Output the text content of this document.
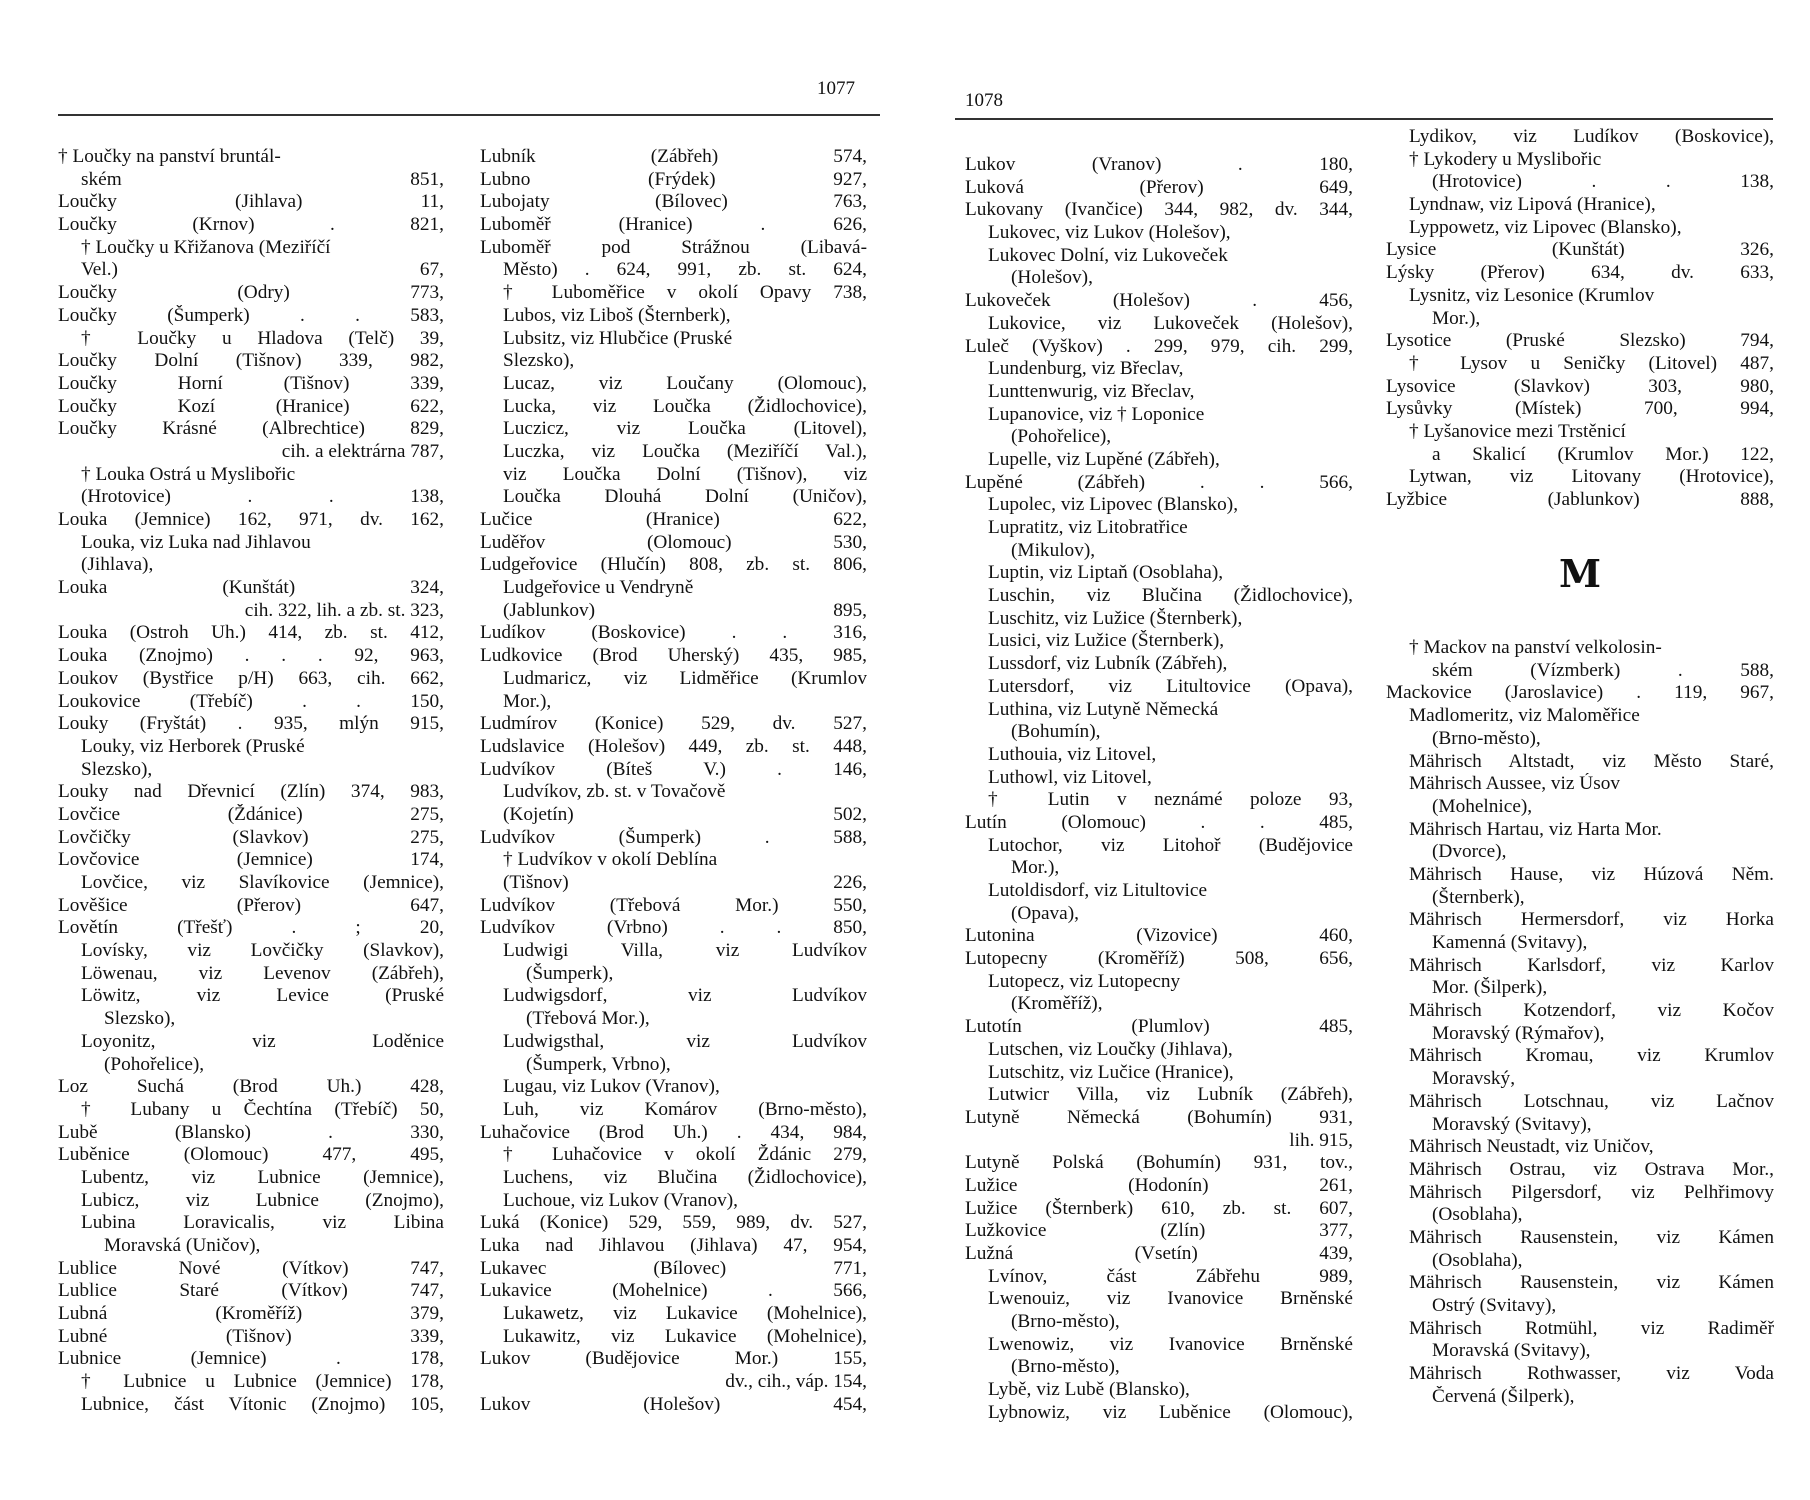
1077
1078
† Loučky na panství bruntál-
ském 851,
Loučky (Jihlava) 11,
Loučky (Krnov) . 821,
† Loučky u Křižanova (Meziříčí
Vel.) 67,
Loučky (Odry) 773,
Loučky (Šumperk) . . 583,
† Loučky u Hladova (Telč) 39,
Loučky Dolní (Tišnov) 339, 982,
Loučky Horní (Tišnov) 339,
Loučky Kozí (Hranice) 622,
Loučky Krásné (Albrechtice) 829,
cih. a elektrárna 787,
† Louka Ostrá u Myslibořic
(Hrotovice) . . 138,
Louka (Jemnice) 162, 971, dv. 162,
Louka, viz Luka nad Jihlavou
(Jihlava),
Louka (Kunštát) 324,
cih. 322, lih. a zb. st. 323,
Louka (Ostroh Uh.) 414, zb. st. 412,
Louka (Znojmo) . . . 92, 963,
Loukov (Bystřice p/H) 663, cih. 662,
Loukovice (Třebíč) . . 150,
Louky (Fryštát) . 935, mlýn 915,
Louky, viz Herborek (Pruské
Slezsko),
Louky nad Dřevnicí (Zlín) 374, 983,
Lovčice (Ždánice) 275,
Lovčičky (Slavkov) 275,
Lovčovice (Jemnice) 174,
Lovčice, viz Slavíkovice (Jemnice),
Lověšice (Přerov) 647,
Lovětín (Třešť) . ; 20,
Lovísky, viz Lovčičky (Slavkov),
Löwenau, viz Levenov (Zábřeh),
Löwitz, viz Levice (Pruské
Slezsko),
Loyonitz, viz Loděnice
(Pohořelice),
Loz Suchá (Brod Uh.) 428,
† Lubany u Čechtína (Třebíč) 50,
Lubě (Blansko) . 330,
Luběnice (Olomouc) 477, 495,
Lubentz, viz Lubnice (Jemnice),
Lubicz, viz Lubnice (Znojmo),
Lubina Loravicalis, viz Libina
Moravská (Uničov),
Lublice Nové (Vítkov) 747,
Lublice Staré (Vítkov) 747,
Lubná (Kroměříž) 379,
Lubné (Tišnov) 339,
Lubnice (Jemnice) . 178,
† Lubnice u Lubnice (Jemnice) 178,
Lubnice, část Vítonic (Znojmo) 105,
Lubník (Zábřeh) 574,
Lubno (Frýdek) 927,
Lubojaty (Bílovec) 763,
Luboměř (Hranice) . 626,
Luboměř pod Strážnou (Libavá-
Město) . 624, 991, zb. st. 624,
† Luboměřice v okolí Opavy 738,
Lubos, viz Liboš (Šternberk),
Lubsitz, viz Hlubčice (Pruské
Slezsko),
Lucaz, viz Loučany (Olomouc),
Lucka, viz Loučka (Židlochovice),
Luczicz, viz Loučka (Litovel),
Luczka, viz Loučka (Meziříčí Val.),
viz Loučka Dolní (Tišnov), viz
Loučka Dlouhá Dolní (Uničov),
Lučice (Hranice) 622,
Luděřov (Olomouc) 530,
Ludgeřovice (Hlučín) 808, zb. st. 806,
Ludgeřovice u Vendryně
(Jablunkov) 895,
Ludíkov (Boskovice) . . 316,
Ludkovice (Brod Uherský) 435, 985,
Ludmaricz, viz Lidměřice (Krumlov
Mor.),
Ludmírov (Konice) 529, dv. 527,
Ludslavice (Holešov) 449, zb. st. 448,
Ludvíkov (Bíteš V.) . 146,
Ludvíkov, zb. st. v Tovačově
(Kojetín) 502,
Ludvíkov (Šumperk) . 588,
† Ludvíkov v okolí Deblína
(Tišnov) 226,
Ludvíkov (Třebová Mor.) 550,
Ludvíkov (Vrbno) . . 850,
Ludwigi Villa, viz Ludvíkov
(Šumperk),
Ludwigsdorf, viz Ludvíkov
(Třebová Mor.),
Ludwigsthal, viz Ludvíkov
(Šumperk, Vrbno),
Lugau, viz Lukov (Vranov),
Luh, viz Komárov (Brno-město),
Luhačovice (Brod Uh.) . 434, 984,
† Luhačovice v okolí Ždánic 279,
Luchens, viz Blučina (Židlochovice),
Luchoue, viz Lukov (Vranov),
Luká (Konice) 529, 559, 989, dv. 527,
Luka nad Jihlavou (Jihlava) 47, 954,
Lukavec (Bílovec) 771,
Lukavice (Mohelnice) . 566,
Lukawetz, viz Lukavice (Mohelnice),
Lukawitz, viz Lukavice (Mohelnice),
Lukov (Budějovice Mor.) 155,
dv., cih., váp. 154,
Lukov (Holešov) 454,
Lukov (Vranov) . 180,
Luková (Přerov) 649,
Lukovany (Ivančice) 344, 982, dv. 344,
Lukovec, viz Lukov (Holešov),
Lukovec Dolní, viz Lukoveček
(Holešov),
Lukoveček (Holešov) . 456,
Lukovice, viz Lukoveček (Holešov),
Luleč (Vyškov) . 299, 979, cih. 299,
Lundenburg, viz Břeclav,
Lunttenwurig, viz Břeclav,
Lupanovice, viz † Loponice
(Pohořelice),
Lupelle, viz Lupěné (Zábřeh),
Lupěné (Zábřeh) . . 566,
Lupolec, viz Lipovec (Blansko),
Lupratitz, viz Litobratřice
(Mikulov),
Luptin, viz Liptaň (Osoblaha),
Luschin, viz Blučina (Židlochovice),
Luschitz, viz Lužice (Šternberk),
Lusici, viz Lužice (Šternberk),
Lussdorf, viz Lubník (Zábřeh),
Lutersdorf, viz Litultovice (Opava),
Luthina, viz Lutyně Německá
(Bohumín),
Luthouia, viz Litovel,
Luthowl, viz Litovel,
† Lutin v neznámé poloze 93,
Lutín (Olomouc) . . 485,
Lutochor, viz Litohoř (Budějovice
Mor.),
Lutoldisdorf, viz Litultovice
(Opava),
Lutonina (Vizovice) 460,
Lutopecny (Kroměříž) 508, 656,
Lutopecz, viz Lutopecny
(Kroměříž),
Lutotín (Plumlov) 485,
Lutschen, viz Loučky (Jihlava),
Lutschitz, viz Lučice (Hranice),
Lutwicr Villa, viz Lubník (Zábřeh),
Lutyně Německá (Bohumín) 931,
lih. 915,
Lutyně Polská (Bohumín) 931, tov.,
Lužice (Hodonín) 261,
Lužice (Šternberk) 610, zb. st. 607,
Lužkovice (Zlín) 377,
Lužná (Vsetín) 439,
Lvínov, část Zábřehu 989,
Lwenouiz, viz Ivanovice Brněnské
(Brno-město),
Lwenowiz, viz Ivanovice Brněnské
(Brno-město),
Lybě, viz Lubě (Blansko),
Lybnowiz, viz Luběnice (Olomouc),
Lydikov, viz Ludíkov (Boskovice),
† Lykodery u Myslibořic
(Hrotovice) . . 138,
Lyndnaw, viz Lipová (Hranice),
Lyppowetz, viz Lipovec (Blansko),
Lysice (Kunštát) 326,
Lýsky (Přerov) 634, dv. 633,
Lysnitz, viz Lesonice (Krumlov
Mor.),
Lysotice (Pruské Slezsko) 794,
† Lysov u Seničky (Litovel) 487,
Lysovice (Slavkov) 303, 980,
Lysůvky (Místek) 700, 994,
† Lyšanovice mezi Trstěnicí
a Skalicí (Krumlov Mor.) 122,
Lytwan, viz Litovany (Hrotovice),
Lyžbice (Jablunkov) 888,
M
† Mackov na panství velkolosin-
ském (Vízmberk) . 588,
Mackovice (Jaroslavice) . 119, 967,
Madlomeritz, viz Maloměřice
(Brno-město),
Mährisch Altstadt, viz Město Staré,
Mährisch Aussee, viz Úsov
(Mohelnice),
Mährisch Hartau, viz Harta Mor.
(Dvorce),
Mährisch Hause, viz Húzová Něm.
(Šternberk),
Mährisch Hermersdorf, viz Horka
Kamenná (Svitavy),
Mährisch Karlsdorf, viz Karlov
Mor. (Šilperk),
Mährisch Kotzendorf, viz Kočov
Moravský (Rýmařov),
Mährisch Kromau, viz Krumlov
Moravský,
Mährisch Lotschnau, viz Lačnov
Moravský (Svitavy),
Mährisch Neustadt, viz Uničov,
Mährisch Ostrau, viz Ostrava Mor.,
Mährisch Pilgersdorf, viz Pelhřimovy
(Osoblaha),
Mährisch Rausenstein, viz Kámen
(Osoblaha),
Mährisch Rausenstein, viz Kámen
Ostrý (Svitavy),
Mährisch Rotmühl, viz Radiměř
Moravská (Svitavy),
Mährisch Rothwasser, viz Voda
Červená (Šilperk),
